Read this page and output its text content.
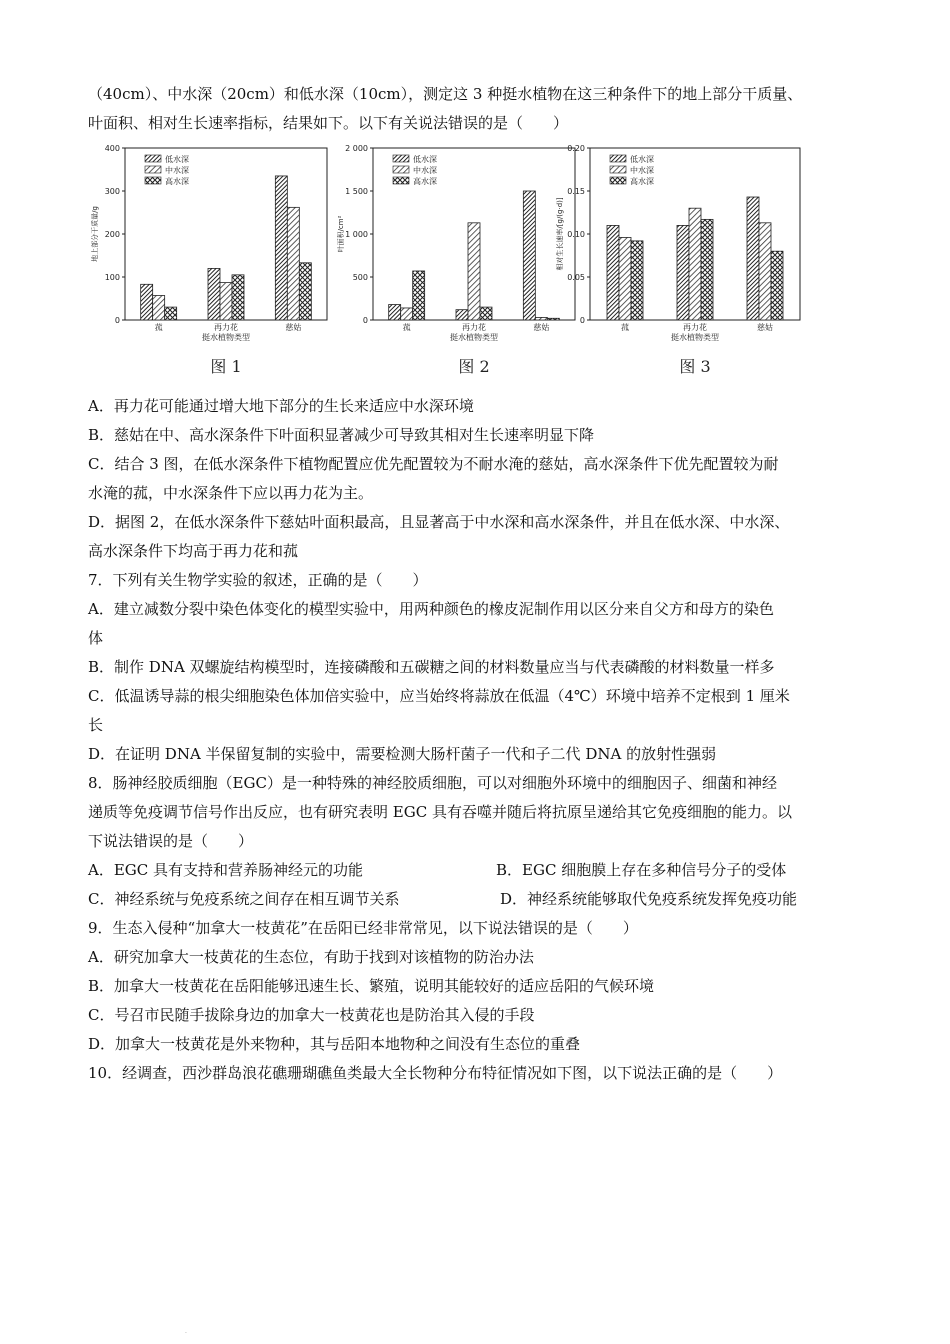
（40cm）、中水深（20cm）和低水深（10cm），测定这 3 种挺水植物在这三种条件下的地上部分干质量、
叶面积、相对生长速率指标，结果如下。以下有关说法错误的是（　　）
0
100
200
300
400
地上部分干质量/g
菰	再力花	慈姑
挺水植物类型
低水深
中水深
高水深
图 1
0
500
1 000
1 500
2 000
叶面积/cm²
菰	再力花	慈姑
挺水植物类型
低水深
中水深
高水深
图 2
0
0.05
0.10
0.15
0.20
相对生长速率/[g/(g·d)]
菰	再力花	慈姑
挺水植物类型
低水深
中水深
高水深
图 3
A．再力花可能通过增大地下部分的生长来适应中水深环境
B．慈姑在中、高水深条件下叶面积显著减少可导致其相对生长速率明显下降
C．结合 3 图，在低水深条件下植物配置应优先配置较为不耐水淹的慈姑，高水深条件下优先配置较为耐
水淹的菰，中水深条件下应以再力花为主。
D．据图 2，在低水深条件下慈姑叶面积最高，且显著高于中水深和高水深条件，并且在低水深、中水深、
高水深条件下均高于再力花和菰
7．下列有关生物学实验的叙述，正确的是（　　）
A．建立减数分裂中染色体变化的模型实验中，用两种颜色的橡皮泥制作用以区分来自父方和母方的染色
体
B．制作 DNA 双螺旋结构模型时，连接磷酸和五碳糖之间的材料数量应当与代表磷酸的材料数量一样多
C．低温诱导蒜的根尖细胞染色体加倍实验中，应当始终将蒜放在低温（4℃）环境中培养不定根到 1 厘米
长
D．在证明 DNA 半保留复制的实验中，需要检测大肠杆菌子一代和子二代 DNA 的放射性强弱
8．肠神经胶质细胞（EGC）是一种特殊的神经胶质细胞，可以对细胞外环境中的细胞因子、细菌和神经
递质等免疫调节信号作出反应，也有研究表明 EGC 具有吞噬并随后将抗原呈递给其它免疫细胞的能力。以
下说法错误的是（　　）
A．EGC 具有支持和营养肠神经元的功能	B．EGC 细胞膜上存在多种信号分子的受体
C．神经系统与免疫系统之间存在相互调节关系	D．神经系统能够取代免疫系统发挥免疫功能
9．生态入侵种“加拿大一枝黄花”在岳阳已经非常常见，以下说法错误的是（　　）
A．研究加拿大一枝黄花的生态位，有助于找到对该植物的防治办法
B．加拿大一枝黄花在岳阳能够迅速生长、繁殖，说明其能较好的适应岳阳的气候环境
C．号召市民随手拔除身边的加拿大一枝黄花也是防治其入侵的手段
D．加拿大一枝黄花是外来物种，其与岳阳本地物种之间没有生态位的重叠
10．经调查，西沙群岛浪花礁珊瑚礁鱼类最大全长物种分布特征情况如下图，以下说法正确的是（　　）
.
